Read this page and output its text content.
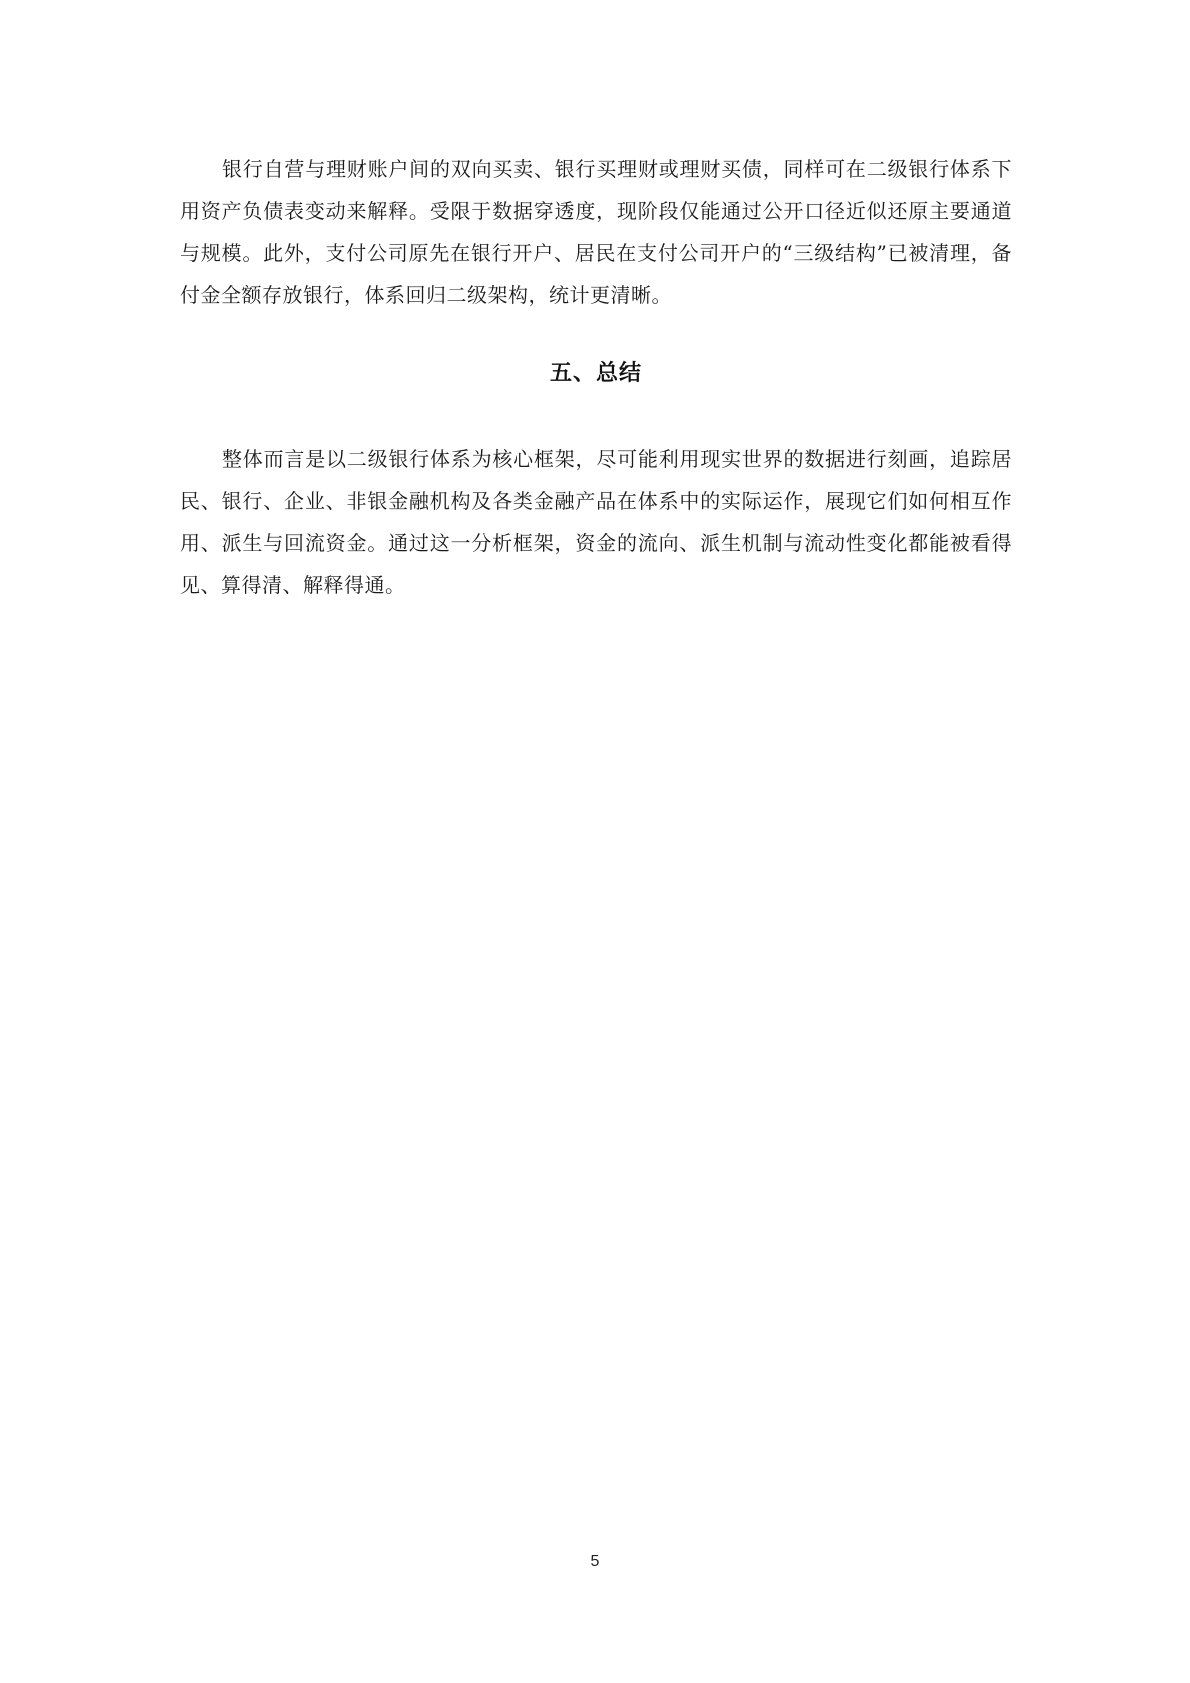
银行自营与理财账户间的双向买卖、银行买理财或理财买债，同样可在二级银行体系下用资产负债表变动来解释。受限于数据穿透度，现阶段仅能通过公开口径近似还原主要通道与规模。此外，支付公司原先在银行开户、居民在支付公司开户的“三级结构”已被清理，备付金全额存放银行，体系回归二级架构，统计更清晰。

五、总结

整体而言是以二级银行体系为核心框架，尽可能利用现实世界的数据进行刻画，追踪居民、银行、企业、非银金融机构及各类金融产品在体系中的实际运作，展现它们如何相互作用、派生与回流资金。通过这一分析框架，资金的流向、派生机制与流动性变化都能被看得见、算得清、解释得通。

5
